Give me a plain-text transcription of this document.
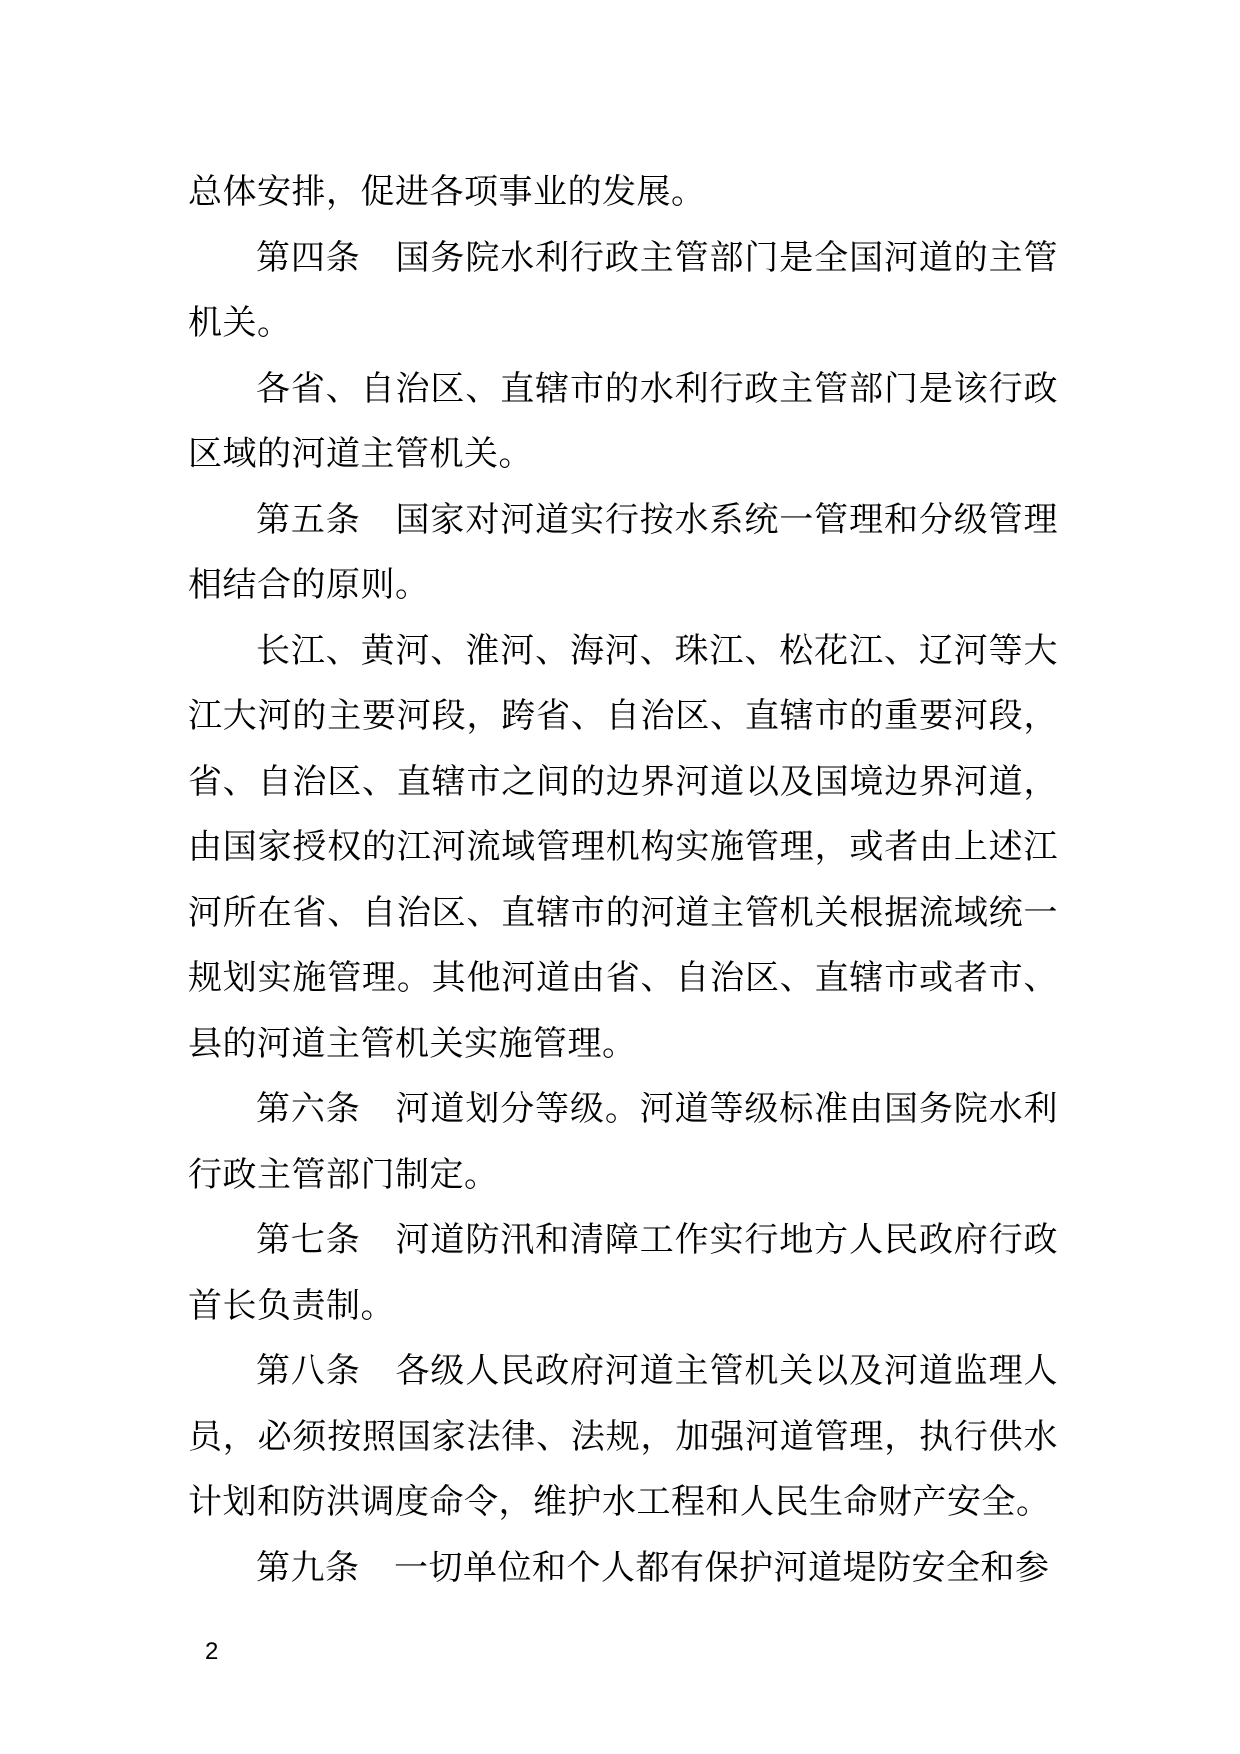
总体安排，促进各项事业的发展。

第四条　国务院水利行政主管部门是全国河道的主管机关。

各省、自治区、直辖市的水利行政主管部门是该行政区域的河道主管机关。

第五条　国家对河道实行按水系统一管理和分级管理相结合的原则。

长江、黄河、淮河、海河、珠江、松花江、辽河等大江大河的主要河段，跨省、自治区、直辖市的重要河段，省、自治区、直辖市之间的边界河道以及国境边界河道，由国家授权的江河流域管理机构实施管理，或者由上述江河所在省、自治区、直辖市的河道主管机关根据流域统一规划实施管理。其他河道由省、自治区、直辖市或者市、县的河道主管机关实施管理。

第六条　河道划分等级。河道等级标准由国务院水利行政主管部门制定。

第七条　河道防汛和清障工作实行地方人民政府行政首长负责制。

第八条　各级人民政府河道主管机关以及河道监理人员，必须按照国家法律、法规，加强河道管理，执行供水计划和防洪调度命令，维护水工程和人民生命财产安全。

第九条　一切单位和个人都有保护河道堤防安全和参

2
